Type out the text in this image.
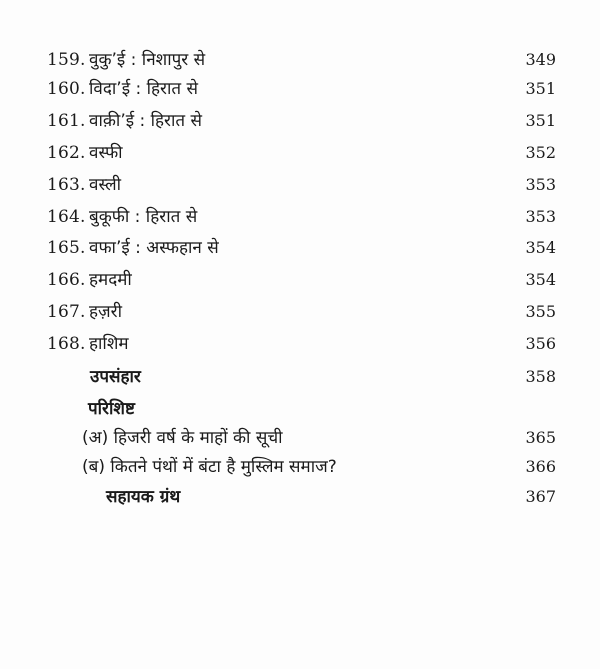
159. वुकु’ई : निशापुर से	349
160. विदा’ई : हिरात से	351
161. वाक़ी’ई : हिरात से	351
162. वस्फी	352
163. वस्ली	353
164. बुकूफी : हिरात से	353
165. वफा’ई : अस्फहान से	354
166. हमदमी	354
167. हज़री	355
168. हाशिम	356
उपसंहार	358
परिशिष्ट
(अ) हिजरी वर्ष के माहों की सूची	365
(ब) कितने पंथों में बंटा है मुस्लिम समाज?	366
सहायक ग्रंथ	367
